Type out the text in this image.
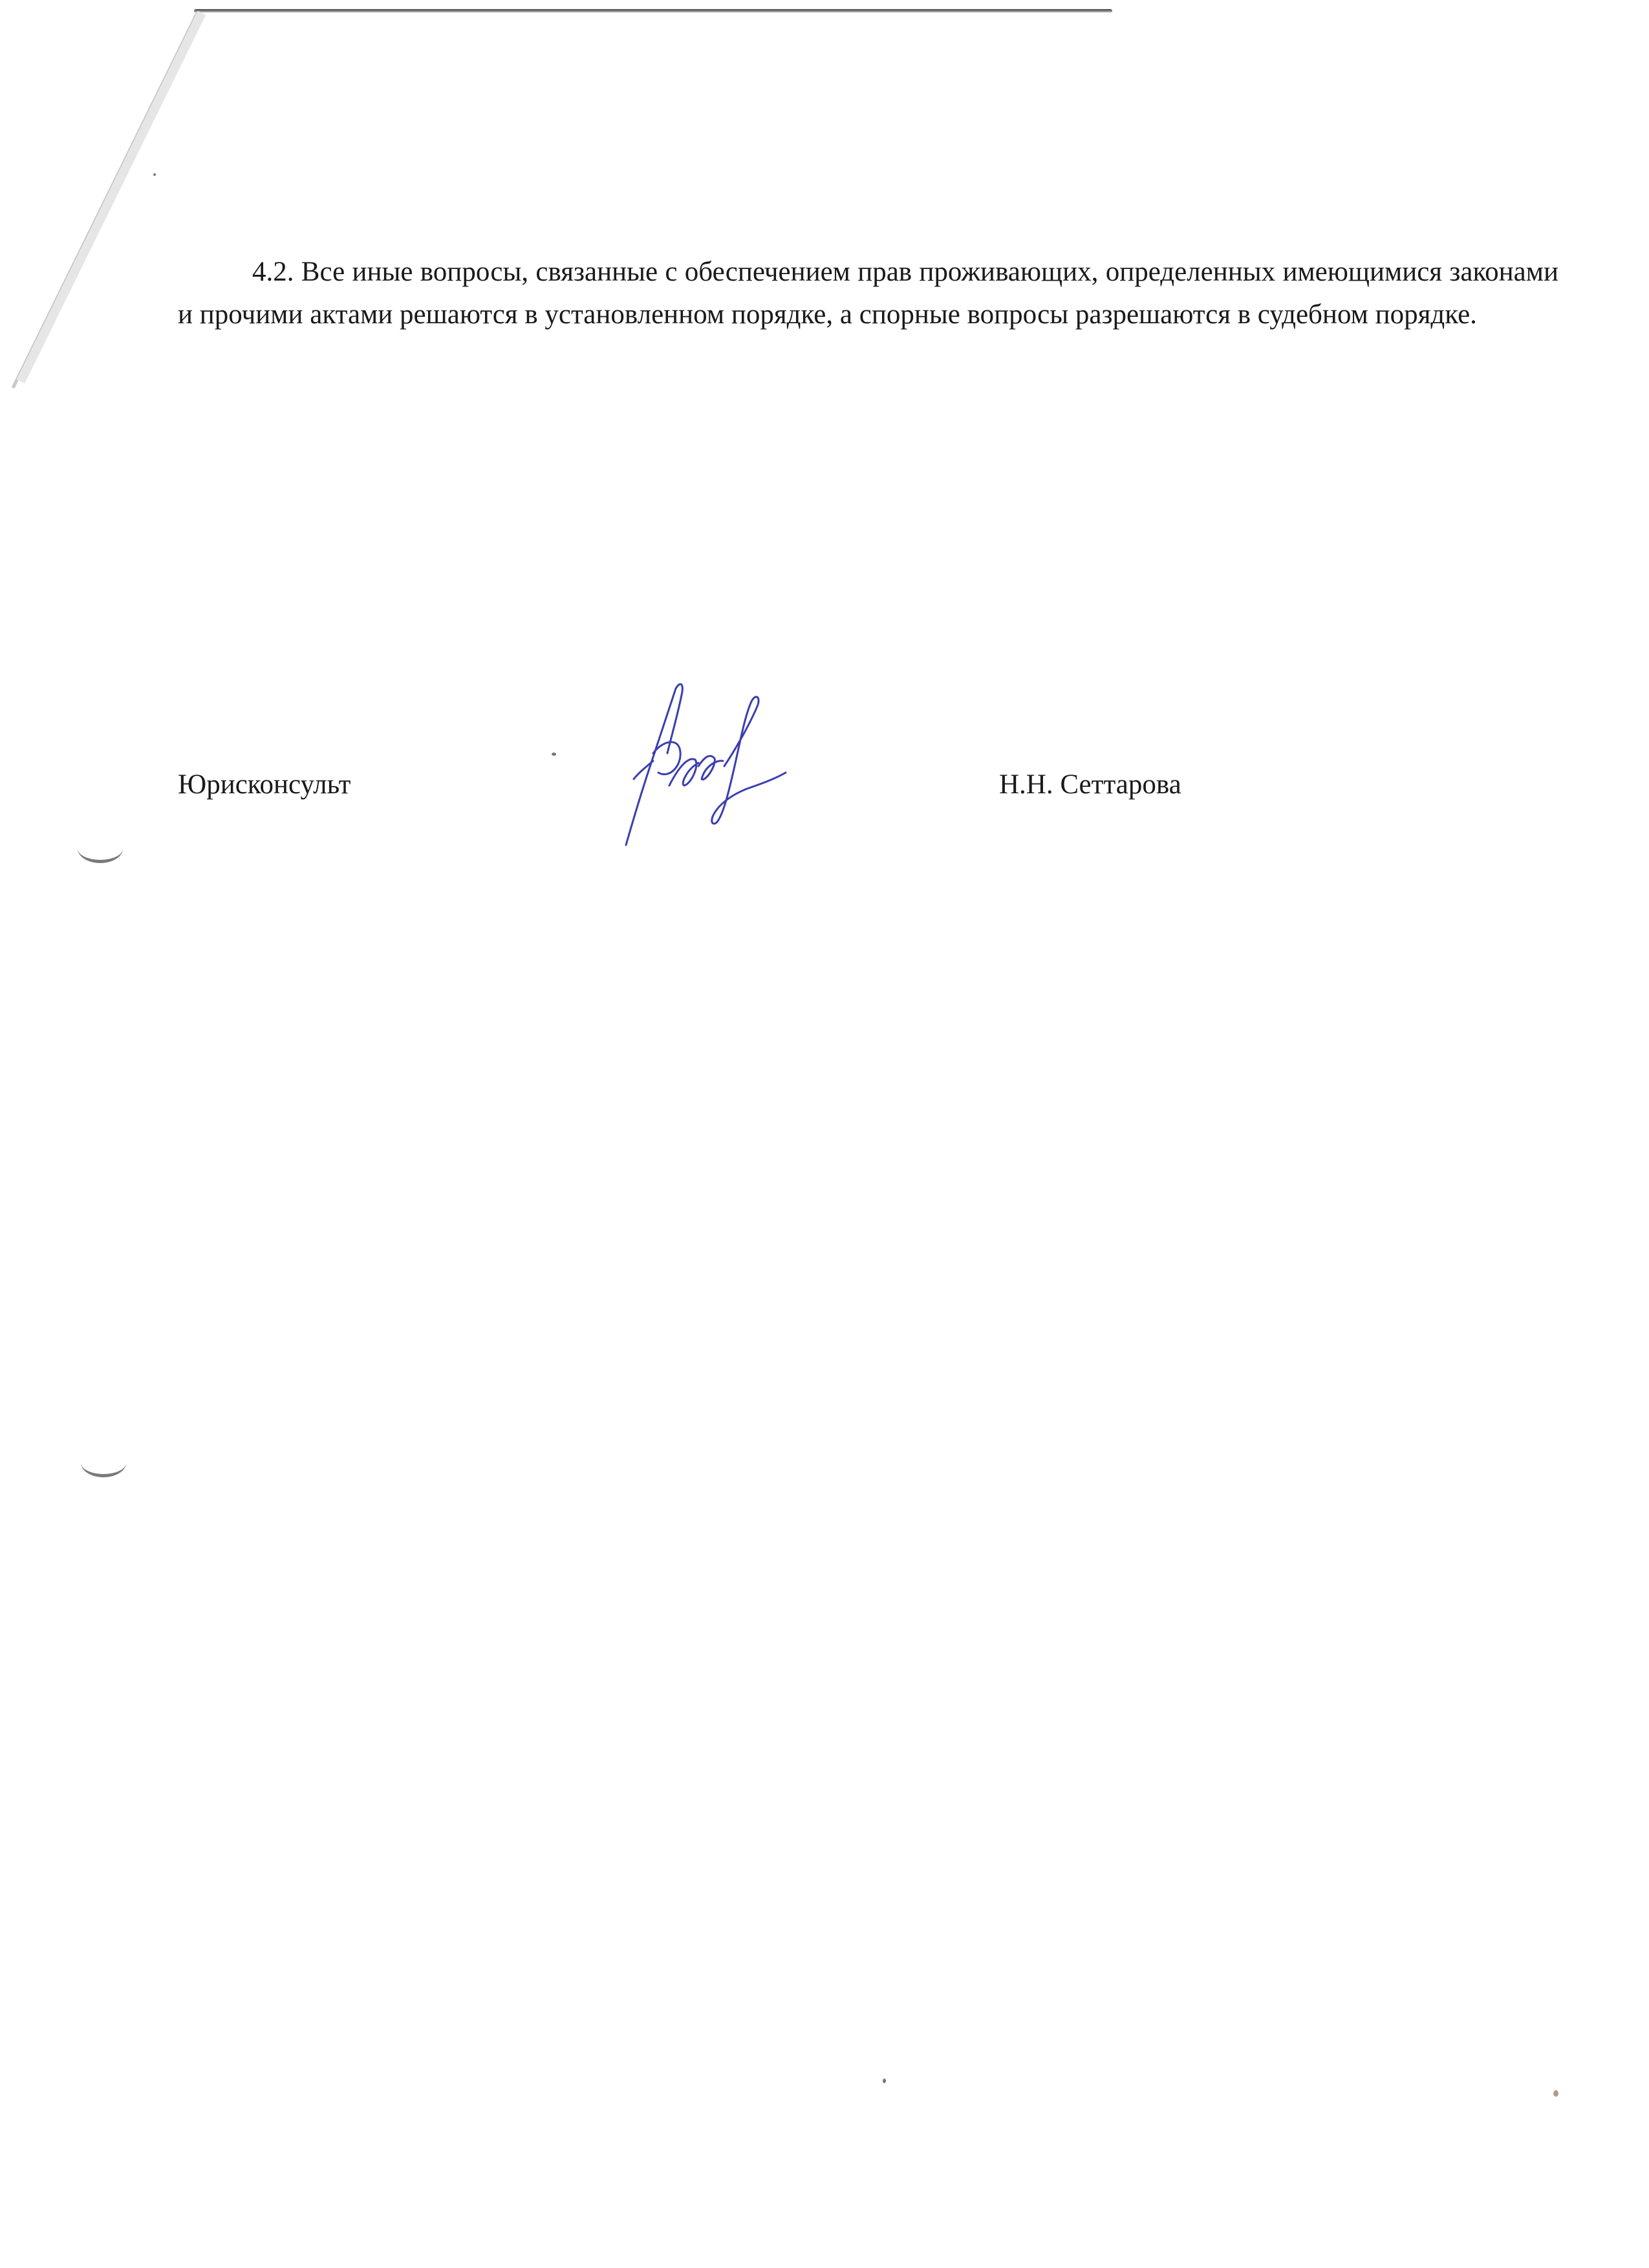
4.2. Все иные вопросы, связанные с обеспечением прав проживающих, определенных имеющимися законами и прочими актами решаются в установленном порядке, а спорные вопросы разрешаются в судебном порядке.

Юрисконсульт	Н.Н. Сеттарова
